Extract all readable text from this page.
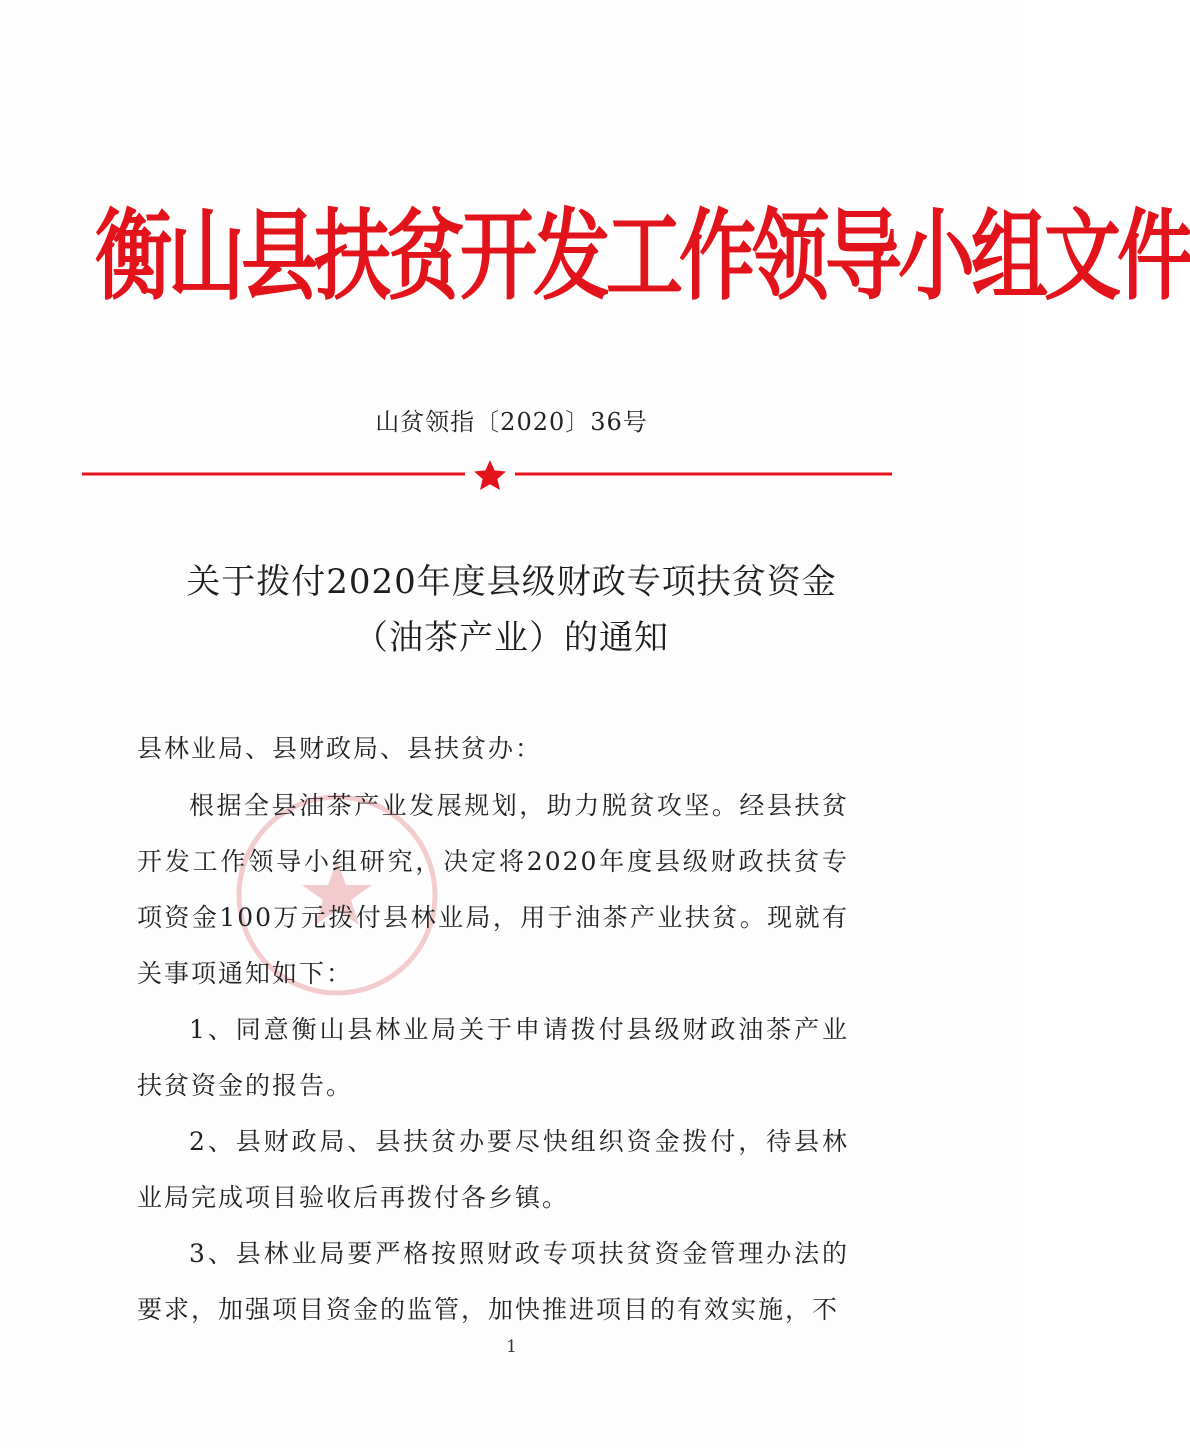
衡山县扶贫开发工作领导小组文件
山贫领指〔2020〕36号
关于拨付2020年度县级财政专项扶贫资金
（油茶产业）的通知
县林业局、县财政局、县扶贫办：

根据全县油茶产业发展规划，助力脱贫攻坚。经县扶贫开发工作领导小组研究，决定将2020年度县级财政扶贫专项资金100万元拨付县林业局，用于油茶产业扶贫。现就有关事项通知如下：

1、同意衡山县林业局关于申请拨付县级财政油茶产业扶贫资金的报告。

2、县财政局、县扶贫办要尽快组织资金拨付，待县林业局完成项目验收后再拨付各乡镇。

3、县林业局要严格按照财政专项扶贫资金管理办法的要求，加强项目资金的监管，加快推进项目的有效实施，不

1
